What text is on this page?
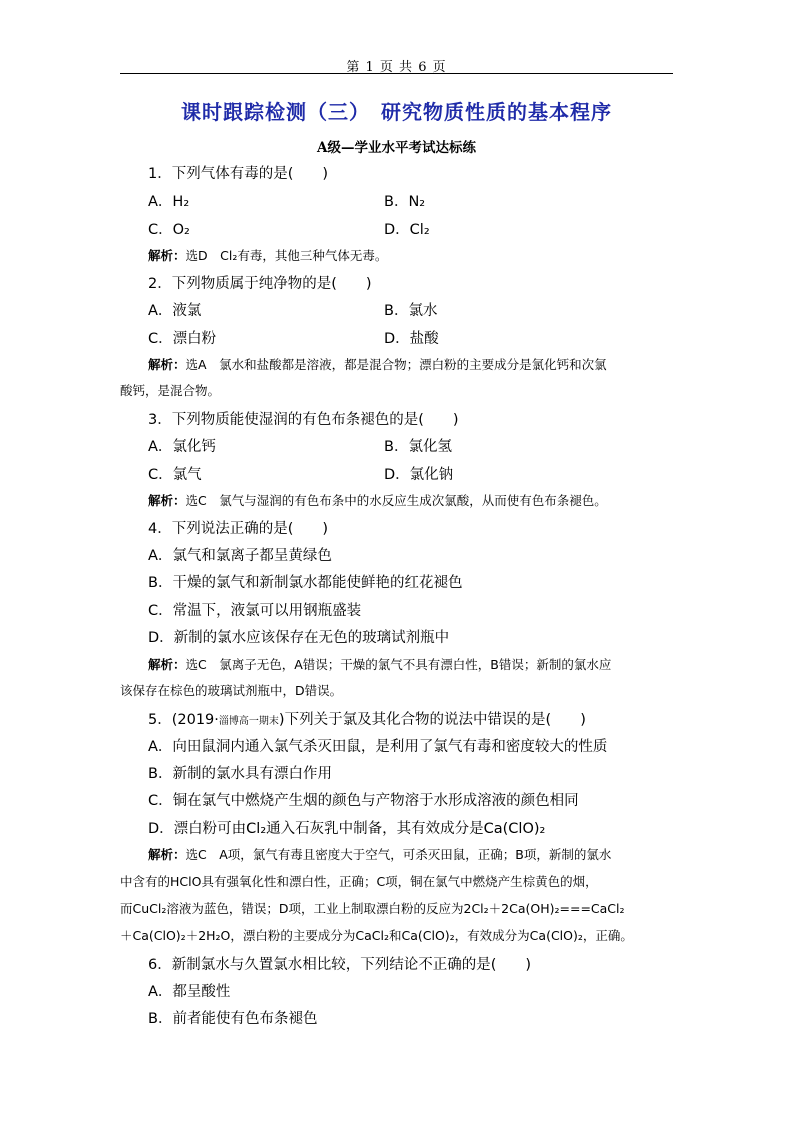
第 1 页 共 6 页
课时跟踪检测（三）　研究物质性质的基本程序
A级—学业水平考试达标练
1．下列气体有毒的是(　　)
A．H₂	B．N₂
C．O₂	D．Cl₂
解析：选D　Cl₂有毒，其他三种气体无毒。
2．下列物质属于纯净物的是(　　)
A．液氯	B．氯水
C．漂白粉	D．盐酸
解析：选A　氯水和盐酸都是溶液，都是混合物；漂白粉的主要成分是氯化钙和次氯
酸钙，是混合物。
3．下列物质能使湿润的有色布条褪色的是(　　)
A．氯化钙	B．氯化氢
C．氯气	D．氯化钠
解析：选C　氯气与湿润的有色布条中的水反应生成次氯酸，从而使有色布条褪色。
4．下列说法正确的是(　　)
A．氯气和氯离子都呈黄绿色
B．干燥的氯气和新制氯水都能使鲜艳的红花褪色
C．常温下，液氯可以用钢瓶盛装
D．新制的氯水应该保存在无色的玻璃试剂瓶中
解析：选C　氯离子无色，A错误；干燥的氯气不具有漂白性，B错误；新制的氯水应
该保存在棕色的玻璃试剂瓶中，D错误。
5．(2019·淄博高一期末)下列关于氯及其化合物的说法中错误的是(　　)
A．向田鼠洞内通入氯气杀灭田鼠，是利用了氯气有毒和密度较大的性质
B．新制的氯水具有漂白作用
C．铜在氯气中燃烧产生烟的颜色与产物溶于水形成溶液的颜色相同
D．漂白粉可由Cl₂通入石灰乳中制备，其有效成分是Ca(ClO)₂
解析：选C　A项，氯气有毒且密度大于空气，可杀灭田鼠，正确；B项，新制的氯水
中含有的HClO具有强氧化性和漂白性，正确；C项，铜在氯气中燃烧产生棕黄色的烟，
而CuCl₂溶液为蓝色，错误；D项，工业上制取漂白粉的反应为2Cl₂＋2Ca(OH)₂===CaCl₂
＋Ca(ClO)₂＋2H₂O，漂白粉的主要成分为CaCl₂和Ca(ClO)₂，有效成分为Ca(ClO)₂，正确。
6．新制氯水与久置氯水相比较，下列结论不正确的是(　　)
A．都呈酸性
B．前者能使有色布条褪色
